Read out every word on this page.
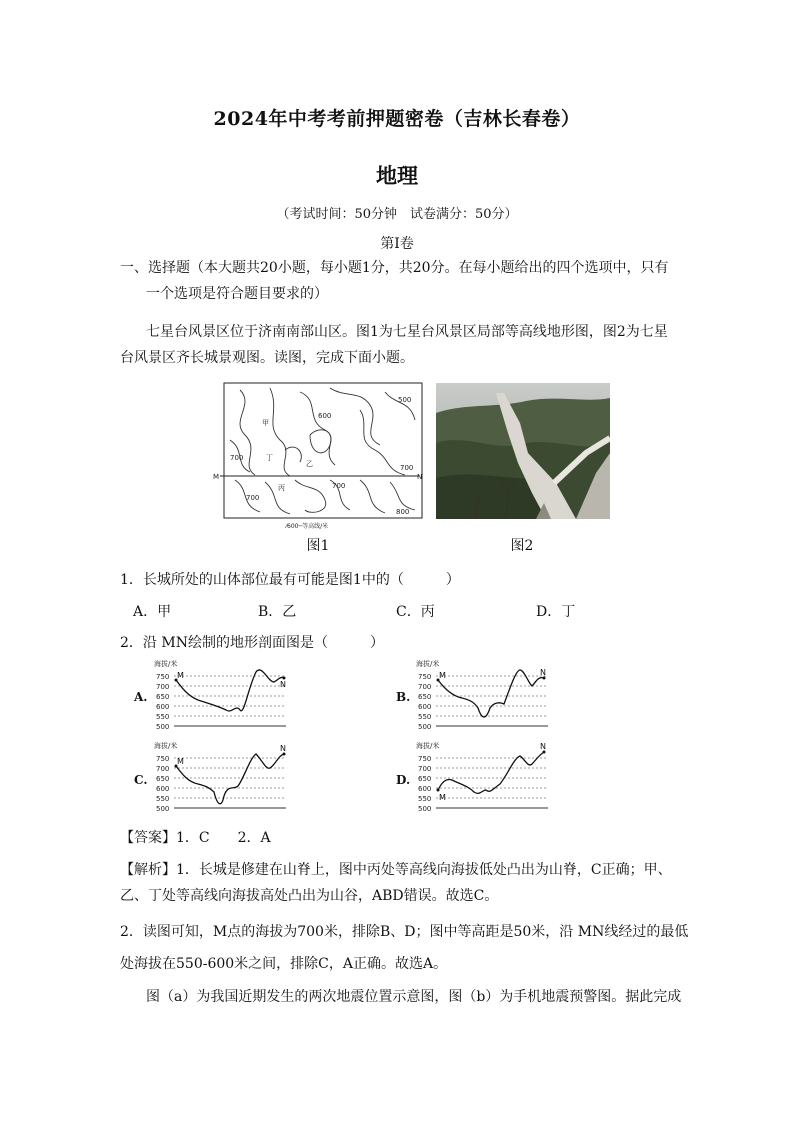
2024年中考考前押题密卷（吉林长春卷）
地理
（考试时间：50分钟　试卷满分：50分）
第Ⅰ卷
一、选择题（本大题共20小题，每小题1分，共20分。在每小题给出的四个选项中，只有
一个选项是符合题目要求的）
七星台风景区位于济南南部山区。图1为七星台风景区局部等高线地形图，图2为七星
台风景区齐长城景观图。读图，完成下面小题。
M	N
甲
乙
丙
丁
500
700
600
700
700
700
800
⁄600─等高线/米
图1	图2
1．长城所处的山体部位最有可能是图1中的（　　　）
A．甲	B．乙	C．丙	D．丁
2．沿 MN绘制的地形剖面图是（　　　）
A.	B.
C.	D.
海拔/米
750
700
650
600
550
500
M
N
海拔/米
750
700
650
600
550
500
M	N
海拔/米
750
700
650
600
550
500
M
N	海拔/米
750
700
650
600
550
500
M
N
【答案】1．C　　2．A
【解析】1．长城是修建在山脊上，图中丙处等高线向海拔低处凸出为山脊，C正确；甲、
乙、丁处等高线向海拔高处凸出为山谷，ABD错误。故选C。
2．读图可知，M点的海拔为700米，排除B、D；图中等高距是50米，沿 MN线经过的最低
处海拔在550-600米之间，排除C，A正确。故选A。
图（a）为我国近期发生的两次地震位置示意图，图（b）为手机地震预警图。据此完成
